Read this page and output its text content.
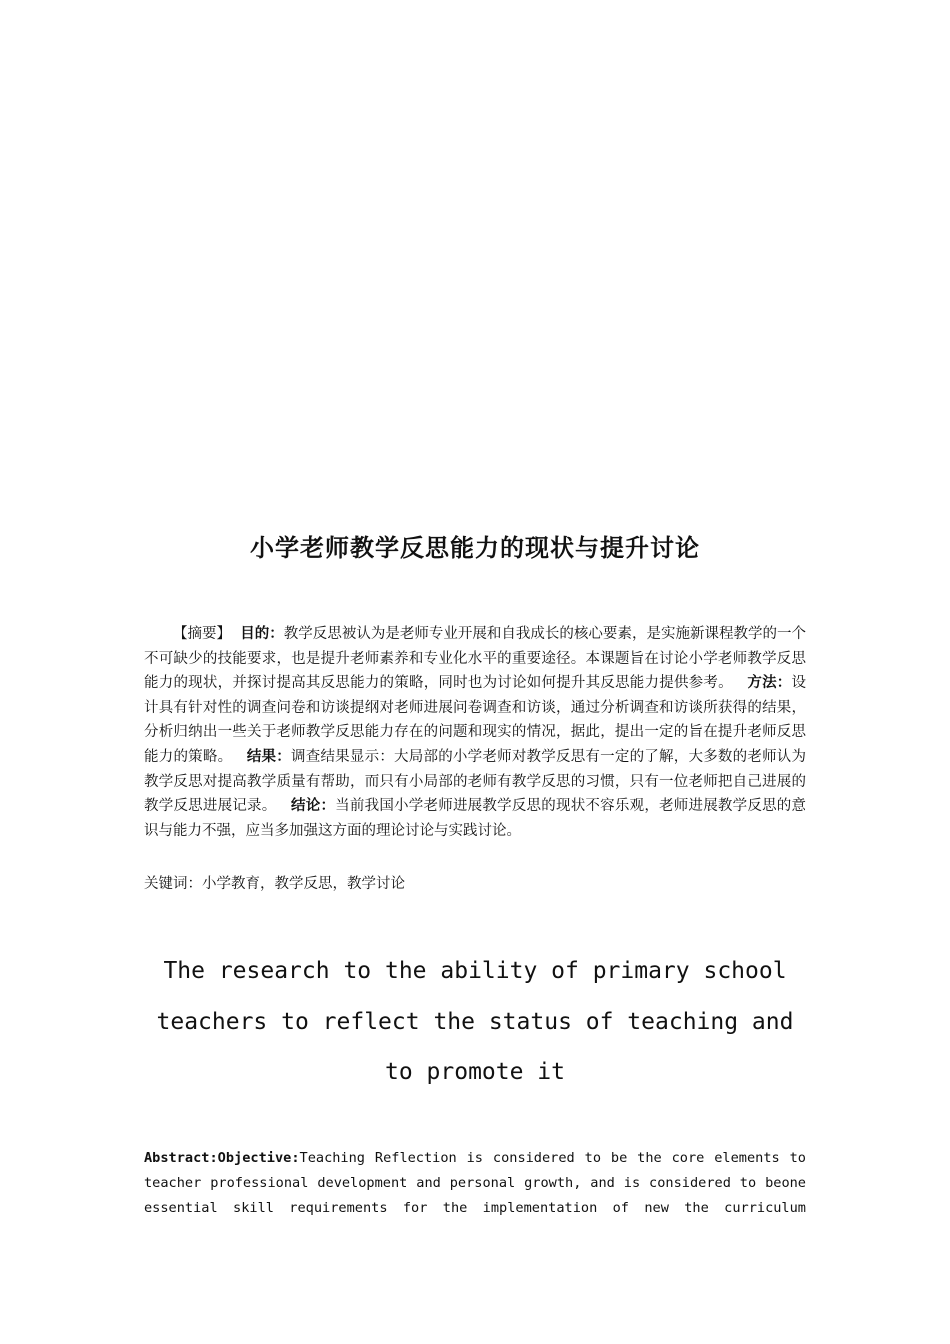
小学老师教学反思能力的现状与提升讨论
【摘要】 目的：教学反思被认为是老师专业开展和自我成长的核心要素，是实施新课程教学的一个不可缺少的技能要求，也是提升老师素养和专业化水平的重要途径。本课题旨在讨论小学老师教学反思能力的现状，并探讨提高其反思能力的策略，同时也为讨论如何提升其反思能力提供参考。 方法：设计具有针对性的调查问卷和访谈提纲对老师进展问卷调查和访谈，通过分析调查和访谈所获得的结果，分析归纳出一些关于老师教学反思能力存在的问题和现实的情况，据此，提出一定的旨在提升老师反思能力的策略。 结果：调查结果显示：大局部的小学老师对教学反思有一定的了解，大多数的老师认为教学反思对提高教学质量有帮助，而只有小局部的老师有教学反思的习惯，只有一位老师把自己进展的教学反思进展记录。 结论：当前我国小学老师进展教学反思的现状不容乐观，老师进展教学反思的意识与能力不强，应当多加强这方面的理论讨论与实践讨论。
关键词：小学教育，教学反思，教学讨论
The research to the ability of primary school teachers to reflect the status of teaching and to promote it
Abstract:Objective:Teaching Reflection is considered to be the core elements to teacher professional development and personal growth, and is considered to beone essential skill requirements for the implementation of new the curriculum
